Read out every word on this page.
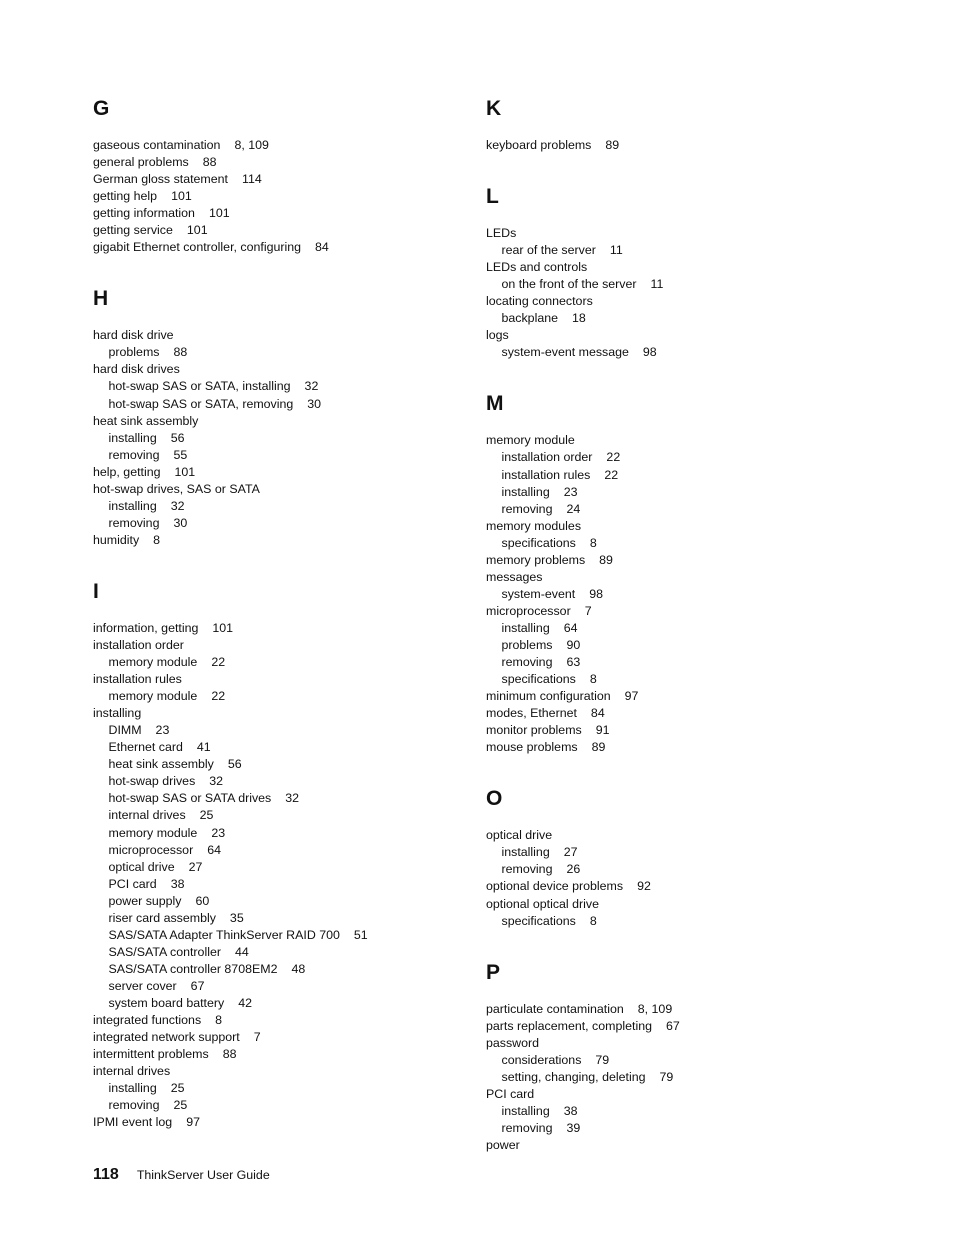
G
gaseous contamination 8, 109
general problems 88
German gloss statement 114
getting help 101
getting information 101
getting service 101
gigabit Ethernet controller, configuring 84
H
hard disk drive
problems 88
hard disk drives
hot-swap SAS or SATA, installing 32
hot-swap SAS or SATA, removing 30
heat sink assembly
installing 56
removing 55
help, getting 101
hot-swap drives, SAS or SATA
installing 32
removing 30
humidity 8
I
information, getting 101
installation order
memory module 22
installation rules
memory module 22
installing
DIMM 23
Ethernet card 41
heat sink assembly 56
hot-swap drives 32
hot-swap SAS or SATA drives 32
internal drives 25
memory module 23
microprocessor 64
optical drive 27
PCI card 38
power supply 60
riser card assembly 35
SAS/SATA Adapter ThinkServer RAID 700 51
SAS/SATA controller 44
SAS/SATA controller 8708EM2 48
server cover 67
system board battery 42
integrated functions 8
integrated network support 7
intermittent problems 88
internal drives
installing 25
removing 25
IPMI event log 97
K
keyboard problems 89
L
LEDs
rear of the server 11
LEDs and controls
on the front of the server 11
locating connectors
backplane 18
logs
system-event message 98
M
memory module
installation order 22
installation rules 22
installing 23
removing 24
memory modules
specifications 8
memory problems 89
messages
system-event 98
microprocessor 7
installing 64
problems 90
removing 63
specifications 8
minimum configuration 97
modes, Ethernet 84
monitor problems 91
mouse problems 89
O
optical drive
installing 27
removing 26
optional device problems 92
optional optical drive
specifications 8
P
particulate contamination 8, 109
parts replacement, completing 67
password
considerations 79
setting, changing, deleting 79
PCI card
installing 38
removing 39
power
118 ThinkServer User Guide
